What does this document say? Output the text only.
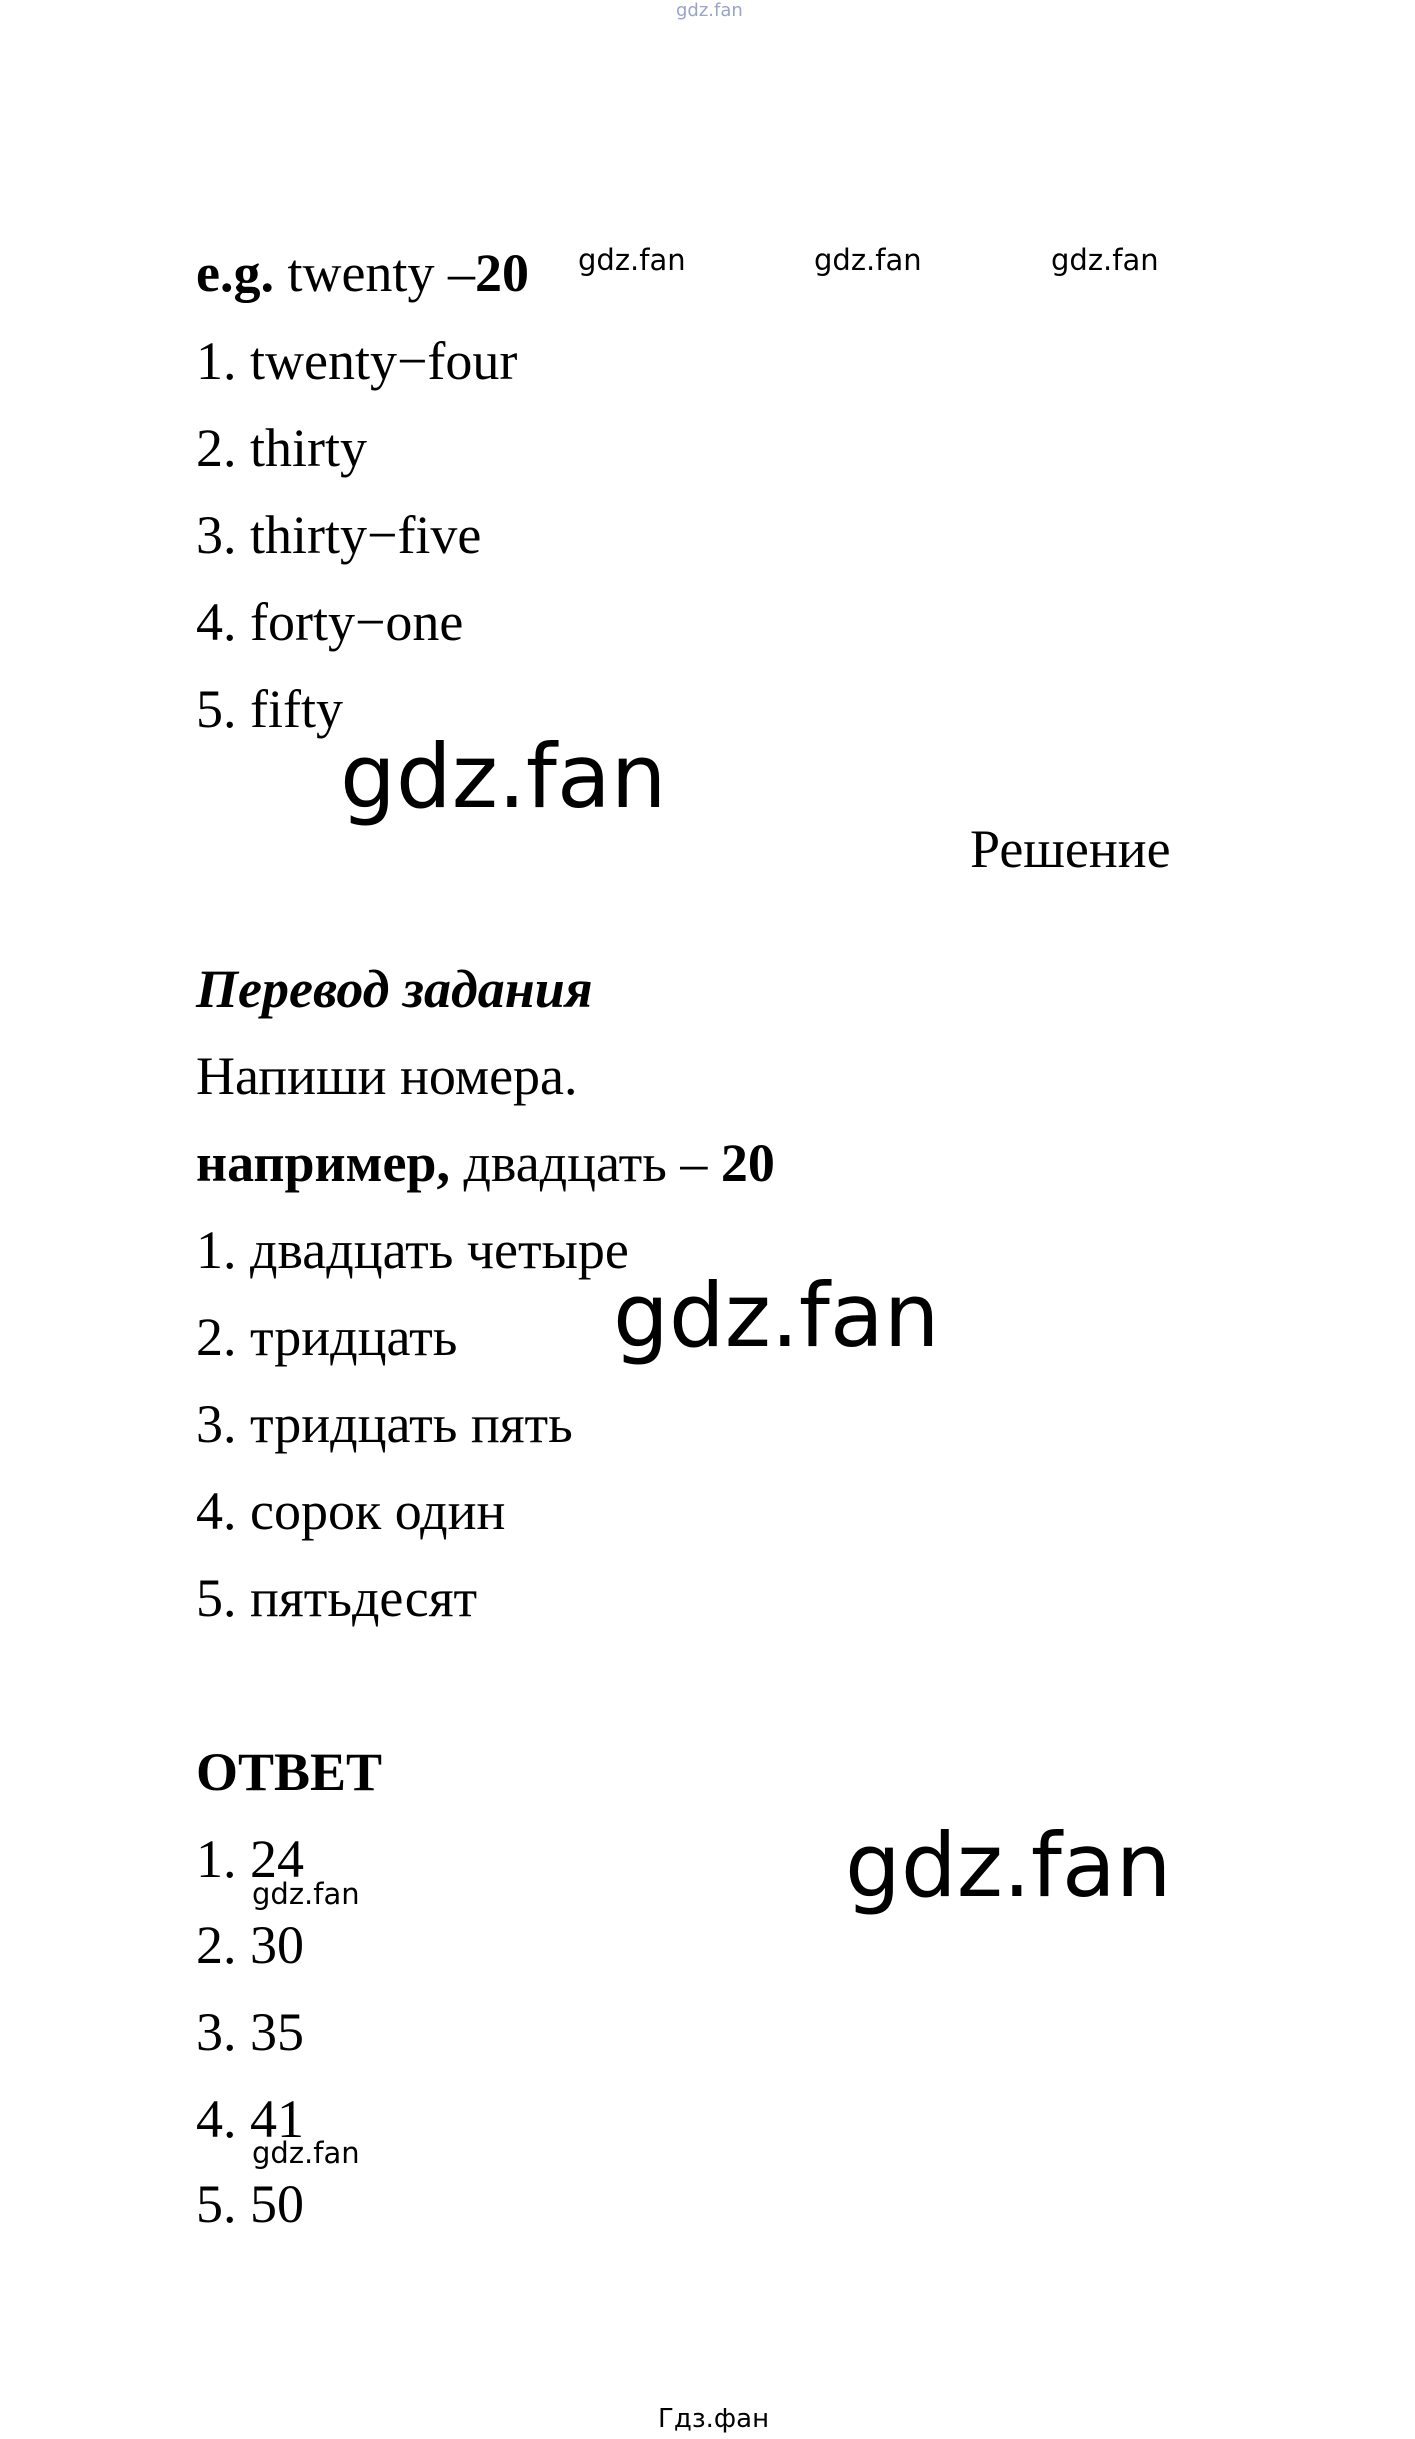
gdz.fan
e.g. twenty –20 gdz.fan	gdz.fan	gdz.fan
1. twenty−four
2. thirty
3. thirty−five
4. forty−one
5. fifty
gdz.fan
Решение
Перевод задания
Напиши номера.
например, двадцать – 20
1. двадцать четыре
2. тридцать
3. тридцать пять
4. сорок один
5. пятьдесят
gdz.fan
ОТВЕТ
1. 24
gdz.fan
2. 30
3. 35
4. 41
gdz.fan
5. 50
gdz.fan
Гдз.фан
